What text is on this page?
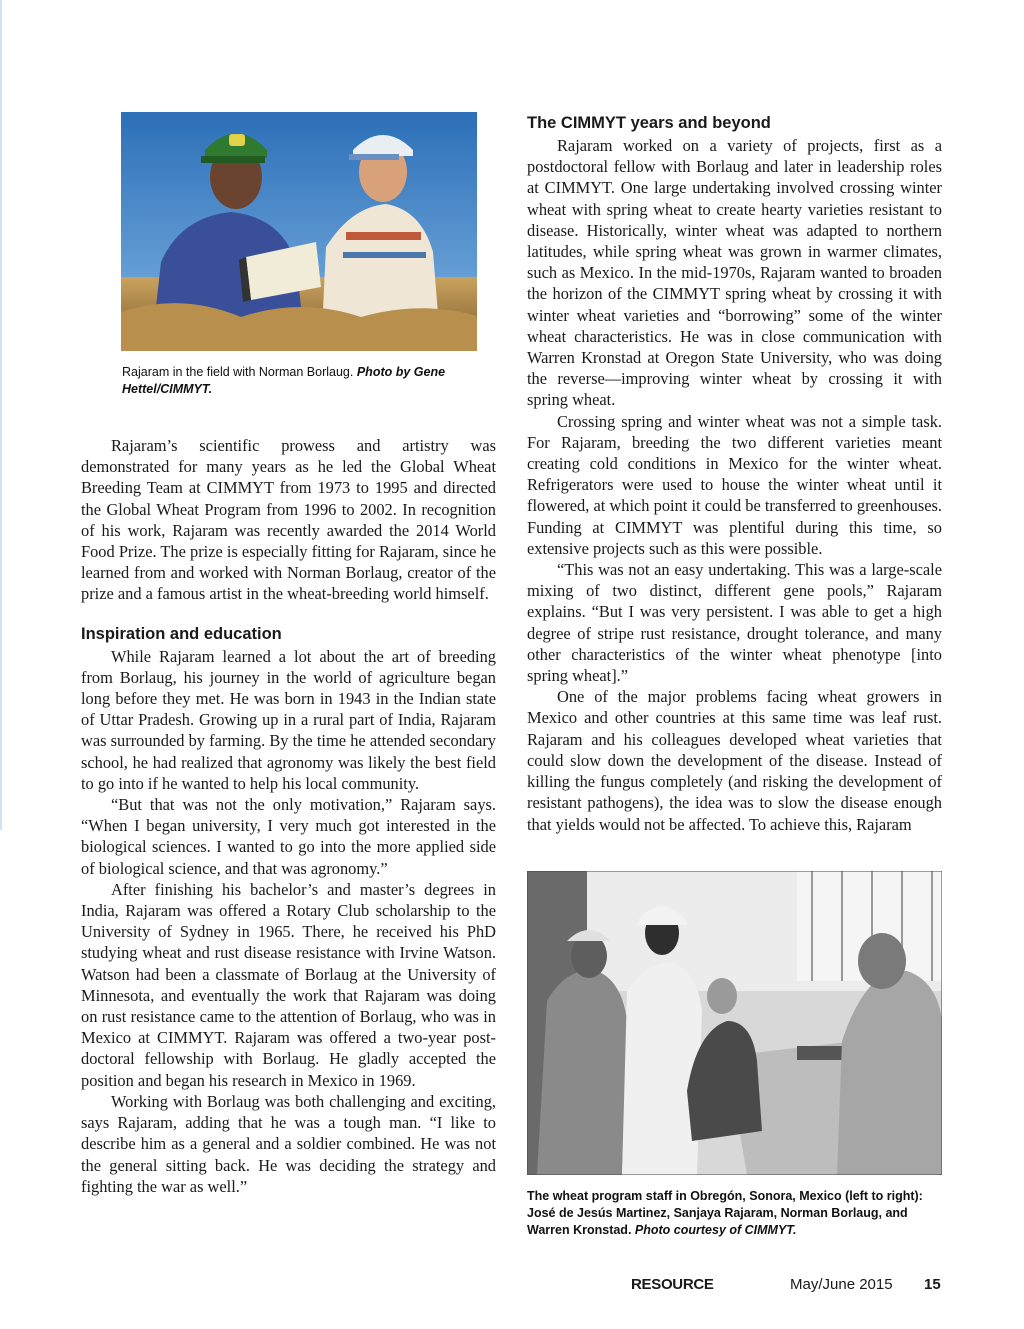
Rajaram in the field with Norman Borlaug. Photo by Gene Hettel/CIMMYT.

Rajaram’s scientific prowess and artistry was demonstrated for many years as he led the Global Wheat Breeding Team at CIMMYT from 1973 to 1995 and directed the Global Wheat Program from 1996 to 2002. In recognition of his work, Rajaram was recently awarded the 2014 World Food Prize. The prize is especially fitting for Rajaram, since he learned from and worked with Norman Borlaug, creator of the prize and a famous artist in the wheat-breeding world himself.

Inspiration and education

While Rajaram learned a lot about the art of breeding from Borlaug, his journey in the world of agriculture began long before they met. He was born in 1943 in the Indian state of Uttar Pradesh. Growing up in a rural part of India, Rajaram was surrounded by farming. By the time he attended secondary school, he had realized that agronomy was likely the best field to go into if he wanted to help his local community.

“But that was not the only motivation,” Rajaram says. “When I began university, I very much got interested in the biological sciences. I wanted to go into the more applied side of biological science, and that was agronomy.”

After finishing his bachelor’s and master’s degrees in India, Rajaram was offered a Rotary Club scholarship to the University of Sydney in 1965. There, he received his PhD studying wheat and rust disease resistance with Irvine Watson. Watson had been a classmate of Borlaug at the University of Minnesota, and eventually the work that Rajaram was doing on rust resistance came to the attention of Borlaug, who was in Mexico at CIMMYT. Rajaram was offered a two-year post-doctoral fellowship with Borlaug. He gladly accepted the position and began his research in Mexico in 1969.

Working with Borlaug was both challenging and exciting, says Rajaram, adding that he was a tough man. “I like to describe him as a general and a soldier combined. He was not the general sitting back. He was deciding the strategy and fighting the war as well.”

The CIMMYT years and beyond

Rajaram worked on a variety of projects, first as a postdoctoral fellow with Borlaug and later in leadership roles at CIMMYT. One large undertaking involved crossing winter wheat with spring wheat to create hearty varieties resistant to disease. Historically, winter wheat was adapted to northern latitudes, while spring wheat was grown in warmer climates, such as Mexico. In the mid-1970s, Rajaram wanted to broaden the horizon of the CIMMYT spring wheat by crossing it with winter wheat varieties and “borrowing” some of the winter wheat characteristics. He was in close communication with Warren Kronstad at Oregon State University, who was doing the reverse—improving winter wheat by crossing it with spring wheat.

Crossing spring and winter wheat was not a simple task. For Rajaram, breeding the two different varieties meant creating cold conditions in Mexico for the winter wheat. Refrigerators were used to house the winter wheat until it flowered, at which point it could be transferred to greenhouses. Funding at CIMMYT was plentiful during this time, so extensive projects such as this were possible.

“This was not an easy undertaking. This was a large-scale mixing of two distinct, different gene pools,” Rajaram explains. “But I was very persistent. I was able to get a high degree of stripe rust resistance, drought tolerance, and many other characteristics of the winter wheat phenotype [into spring wheat].”

One of the major problems facing wheat growers in Mexico and other countries at this same time was leaf rust. Rajaram and his colleagues developed wheat varieties that could slow down the development of the disease. Instead of killing the fungus completely (and risking the development of resistant pathogens), the idea was to slow the disease enough that yields would not be affected. To achieve this, Rajaram

The wheat program staff in Obregón, Sonora, Mexico (left to right): José de Jesús Martinez, Sanjaya Rajaram, Norman Borlaug, and Warren Kronstad. Photo courtesy of CIMMYT.
RESOURCE	May/June 2015 15
